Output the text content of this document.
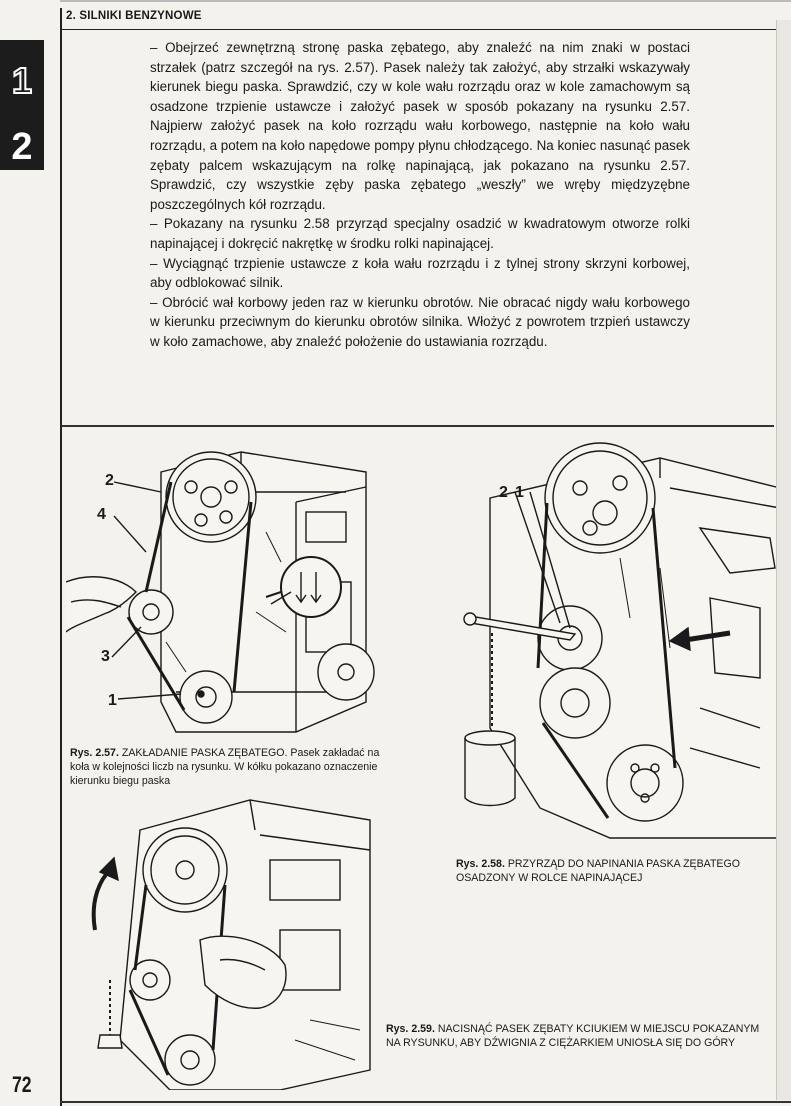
2. SILNIKI BENZYNOWE
1
2

– Obejrzeć zewnętrzną stronę paska zębatego, aby znaleźć na nim znaki w postaci strzałek (patrz szczegół na rys. 2.57). Pasek należy tak założyć, aby strzałki wskazywały kierunek biegu paska. Sprawdzić, czy w kole wału rozrządu oraz w kole zamachowym są osadzone trzpienie ustawcze i założyć pasek w sposób pokazany na rysunku 2.57. Najpierw założyć pasek na koło rozrządu wału korbowego, następnie na koło wału rozrządu, a potem na koło napędowe pompy płynu chłodzącego. Na koniec nasunąć pasek zębaty palcem wskazującym na rolkę napinającą, jak pokazano na rysunku 2.57. Sprawdzić, czy wszystkie zęby paska zębatego „weszły” we wręby międzyzębne poszczególnych kół rozrządu.

– Pokazany na rysunku 2.58 przyrząd specjalny osadzić w kwadratowym otworze rolki napinającej i dokręcić nakrętkę w środku rolki napinającej.

– Wyciągnąć trzpienie ustawcze z koła wału rozrządu i z tylnej strony skrzyni korbowej, aby odblokować silnik.

– Obrócić wał korbowy jeden raz w kierunku obrotów. Nie obracać nigdy wału korbowego w kierunku przeciwnym do kierunku obrotów silnika. Włożyć z powrotem trzpień ustawczy w koło zamachowe, aby znaleźć położenie do ustawiania rozrządu.

2
4
3
1
Rys. 2.57. ZAKŁADANIE PASKA ZĘBATEGO. Pasek zakładać na koła w kolejności liczb na rysunku. W kółku pokazano oznaczenie kierunku biegu paska
2 1
Rys. 2.58. PRZYRZĄD DO NAPINANIA PASKA ZĘBATEGO OSADZONY W ROLCE NAPINAJĄCEJ
Rys. 2.59. NACISNĄĆ PASEK ZĘBATY KCIUKIEM W MIEJSCU POKAZANYM NA RYSUNKU, ABY DŹWIGNIA Z CIĘŻARKIEM UNIOSŁA SIĘ DO GÓRY
72
